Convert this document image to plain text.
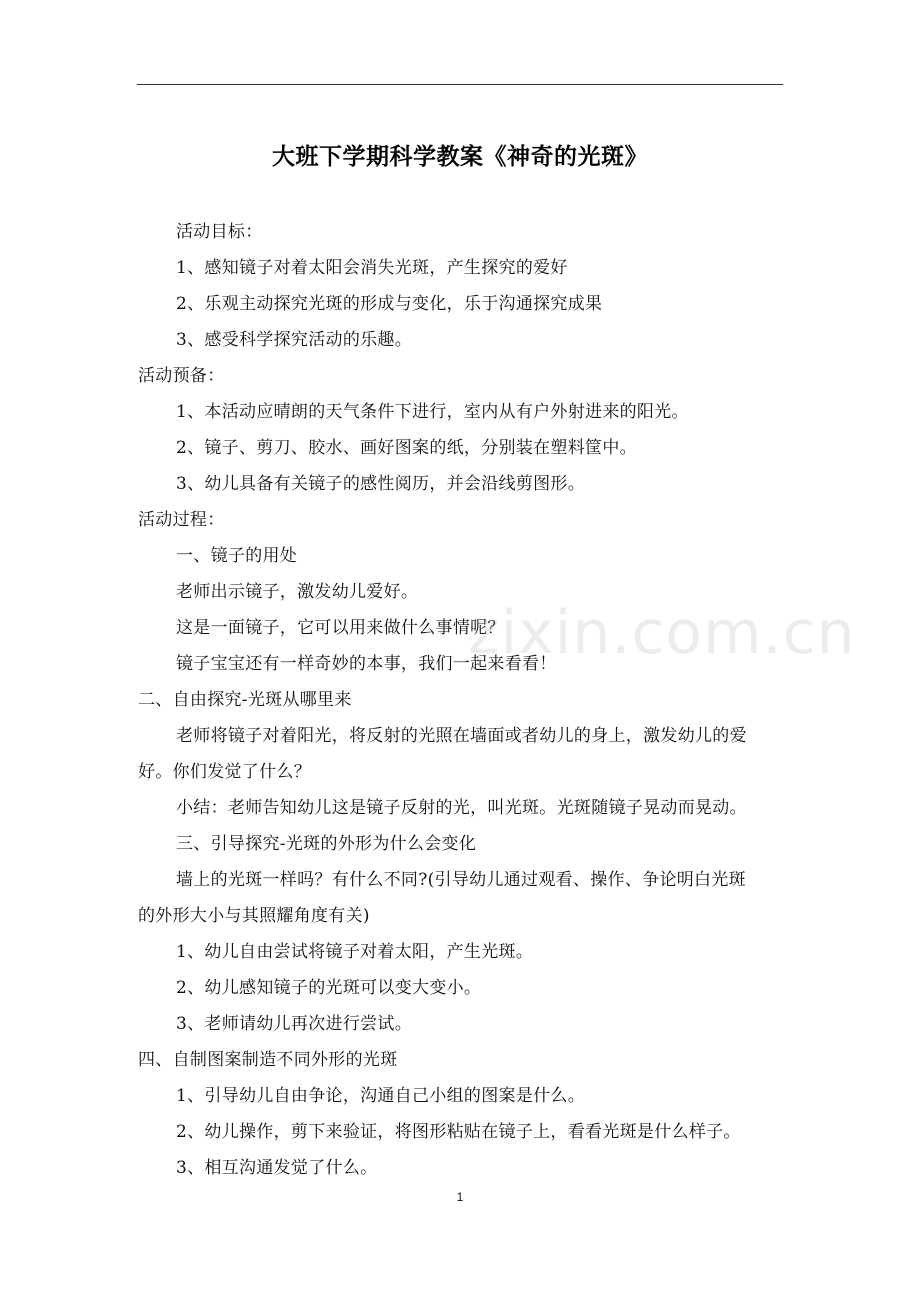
大班下学期科学教案《神奇的光斑》
活动目标：
1、感知镜子对着太阳会消失光斑，产生探究的爱好
2、乐观主动探究光斑的形成与变化，乐于沟通探究成果
3、感受科学探究活动的乐趣。
活动预备：
1、本活动应晴朗的天气条件下进行，室内从有户外射进来的阳光。
2、镜子、剪刀、胶水、画好图案的纸，分别装在塑料筐中。
3、幼儿具备有关镜子的感性阅历，并会沿线剪图形。
活动过程：
一、镜子的用处
老师出示镜子，激发幼儿爱好。
这是一面镜子，它可以用来做什么事情呢？
镜子宝宝还有一样奇妙的本事，我们一起来看看！
二、自由探究-光斑从哪里来
老师将镜子对着阳光，将反射的光照在墙面或者幼儿的身上，激发幼儿的爱
好。你们发觉了什么？
小结：老师告知幼儿这是镜子反射的光，叫光斑。光斑随镜子晃动而晃动。
三、引导探究-光斑的外形为什么会变化
墙上的光斑一样吗？有什么不同?(引导幼儿通过观看、操作、争论明白光斑
的外形大小与其照耀角度有关)
1、幼儿自由尝试将镜子对着太阳，产生光斑。
2、幼儿感知镜子的光斑可以变大变小。
3、老师请幼儿再次进行尝试。
四、自制图案制造不同外形的光斑
1、引导幼儿自由争论，沟通自己小组的图案是什么。
2、幼儿操作，剪下来验证，将图形粘贴在镜子上，看看光斑是什么样子。
3、相互沟通发觉了什么。
zixin.com.cn
1
